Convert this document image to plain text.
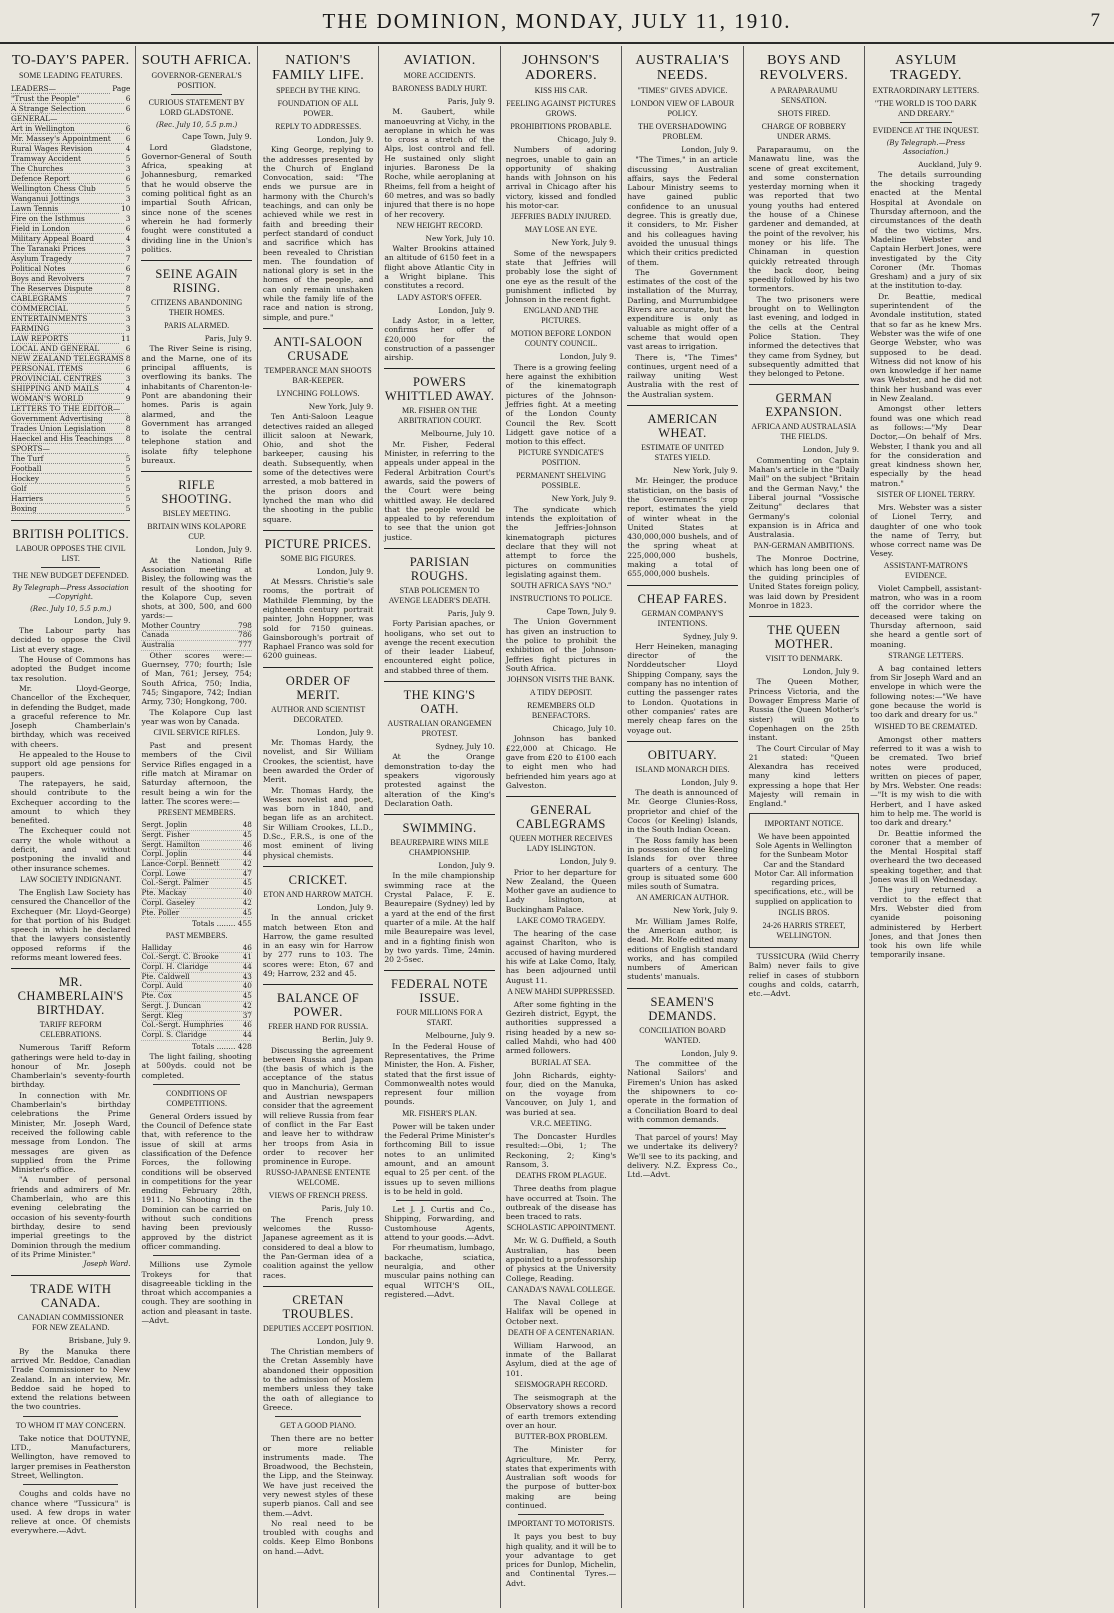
THE DOMINION, MONDAY, JULY 11, 1910.	7
TO-DAY'S PAPER.
SOME LEADING FEATURES.
LEADERS—	Page
"Trust the People"	6
A Strange Selection	6
GENERAL—
Art in Wellington	6
Mr. Massey's Appointment	6
Rural Wages Revision	4
Tramway Accident	5
The Churches	3
Defence Report	6
Wellington Chess Club	5
Wanganui Jottings	3
Lawn Tennis	10
Fire on the Isthmus	3
Field in London	6
Military Appeal Board	4
The Taranaki Prices	3
Asylum Tragedy	7
Political Notes	6
Boys and Revolvers	7
The Reserves Dispute	8
CABLEGRAMS	7
COMMERCIAL	5
ENTERTAINMENTS	3
FARMING	3
LAW REPORTS	11
LOCAL AND GENERAL	6
NEW ZEALAND TELEGRAMS 8
PERSONAL ITEMS	6
PROVINCIAL CENTRES	3
SHIPPING AND MAILS	4
WOMAN'S WORLD	9
LETTERS TO THE EDITOR—
Government Advertising	8
Trades Union Legislation	8
Haeckel and His Teachings	8
SPORTS—
The Turf	5
Football	5
Hockey	5
Golf	5
Harriers	5
Boxing	5
BRITISH POLITICS.
LABOUR OPPOSES THE CIVIL LIST.
THE NEW BUDGET DEFENDED.
By Telegraph—Press Association—Copyright.
(Rec. July 10, 5.5 p.m.)
London, July 9.

The Labour party has decided to oppose the Civil List at every stage.

The House of Commons has adopted the Budget income tax resolution.

Mr. Lloyd-George, Chancellor of the Exchequer, in defending the Budget, made a graceful reference to Mr. Joseph Chamberlain's birthday, which was received with cheers.

He appealed to the House to support old age pensions for paupers.

The ratepayers, he said, should contribute to the Exchequer according to the amount to which they benefited.

The Exchequer could not carry the whole without a deficit, and without postponing the invalid and other insurance schemes.

LAW SOCIETY INDIGNANT.

The English Law Society has censured the Chancellor of the Exchequer (Mr. Lloyd-George) for that portion of his Budget speech in which he declared that the lawyers consistently opposed reforms if the reforms meant lowered fees.

MR. CHAMBERLAIN'S BIRTHDAY.
TARIFF REFORM CELEBRATIONS.

Numerous Tariff Reform gatherings were held to-day in honour of Mr. Joseph Chamberlain's seventy-fourth birthday.

In connection with Mr. Chamberlain's birthday celebrations the Prime Minister, Mr. Joseph Ward, received the following cable message from London. The messages are given as supplied from the Prime Minister's office.

"A number of personal friends and admirers of Mr. Chamberlain, who are this evening celebrating the occasion of his seventy-fourth birthday, desire to send imperial greetings to the Dominion through the medium of its Prime Minister."

Joseph Ward.
TRADE WITH CANADA.
CANADIAN COMMISSIONER FOR NEW ZEALAND.
Brisbane, July 9.

By the Manuka there arrived Mr. Beddoe, Canadian Trade Commissioner to New Zealand. In an interview, Mr. Beddoe said he hoped to extend the relations between the two countries.

TO WHOM IT MAY CONCERN.

Take notice that DOUTYNE, LTD., Manufacturers, Wellington, have removed to larger premises in Featherston Street, Wellington.

Coughs and colds have no chance where "Tussicura" is used. A few drops in water relieve at once. Of chemists everywhere.—Advt.

SOUTH AFRICA.
GOVERNOR-GENERAL'S POSITION.
CURIOUS STATEMENT BY LORD GLADSTONE.
(Rec. July 10, 5.5 p.m.)
Cape Town, July 9.

Lord Gladstone, Governor-General of South Africa, speaking at Johannesburg, remarked that he would observe the coming political fight as an impartial South African, since none of the scenes wherein he had formerly fought were constituted a dividing line in the Union's politics.

SEINE AGAIN RISING.
CITIZENS ABANDONING THEIR HOMES.
PARIS ALARMED.
Paris, July 9.

The River Seine is rising, and the Marne, one of its principal affluents, is overflowing its banks. The inhabitants of Charenton-le-Pont are abandoning their homes. Paris is again alarmed, and the Government has arranged to isolate the central telephone station and isolate fifty telephone bureaux.

RIFLE SHOOTING.
BISLEY MEETING.
BRITAIN WINS KOLAPORE CUP.
London, July 9.

At the National Rifle Association meeting at Bisley, the following was the result of the shooting for the Kolapore Cup, seven shots, at 300, 500, and 600 yards:—

Mother Country	798
Canada	786
Australia	777

Other scores were:—Guernsey, 770; fourth; Isle of Man, 761; Jersey, 754; South Africa, 750; India, 745; Singapore, 742; Indian Army, 730; Hongkong, 700.

The Kolapore Cup last year was won by Canada.

CIVIL SERVICE RIFLES.

Past and present members of the Civil Service Rifles engaged in a rifle match at Miramar on Saturday afternoon, the result being a win for the latter. The scores were:—

PRESENT MEMBERS.
Sergt. Joplin	48
Sergt. Fisher	45
Sergt. Hamilton	46
Corpl. Joplin	44
Lance-Corpl. Bennett	42
Corpl. Lowe	47
Col.-Sergt. Palmer	45
Pte. Mackay	40
Corpl. Gaseley	42
Pte. Poller	45
Totals ........ 455
PAST MEMBERS.
Halliday	46
Col.-Sergt. C. Brooke	41
Corpl. H. Claridge	44
Pte. Caldwell	43
Corpl. Auld	40
Pte. Cox	45
Sergt. J. Duncan	42
Sergt. Kleg	37
Col.-Sergt. Humphries	46
Corpl. S. Claridge	44
Totals ........ 428

The light failing, shooting at 500yds. could not be completed.

CONDITIONS OF COMPETITIONS.

General Orders issued by the Council of Defence state that, with reference to the issue of skill at arms classification of the Defence Forces, the following conditions will be observed in competitions for the year ending February 28th, 1911. No Shooting in the Dominion can be carried on without such conditions having been previously approved by the district officer commanding.

Millions use Zymole Trokeys for that disagreeable tickling in the throat which accompanies a cough. They are soothing in action and pleasant in taste.—Advt.

NATION'S FAMILY LIFE.
SPEECH BY THE KING.
FOUNDATION OF ALL POWER.
REPLY TO ADDRESSES.
London, July 9.

King George, replying to the addresses presented by the Church of England Convocation, said: "The ends we pursue are in harmony with the Church's teachings, and can only be achieved while we rest in faith and breeding their perfect standard of conduct and sacrifice which has been revealed to Christian men. The foundation of national glory is set in the homes of the people, and can only remain unshaken while the family life of the race and nation is strong, simple, and pure."

ANTI-SALOON CRUSADE
TEMPERANCE MAN SHOOTS BAR-KEEPER.
LYNCHING FOLLOWS.
New York, July 9.

Ten Anti-Saloon League detectives raided an alleged illicit saloon at Newark, Ohio, and shot the barkeeper, causing his death. Subsequently, when some of the detectives were arrested, a mob battered in the prison doors and lynched the man who did the shooting in the public square.

PICTURE PRICES.
SOME BIG FIGURES.
London, July 9.

At Messrs. Christie's sale rooms, the portrait of Mathilde Flemming, by the eighteenth century portrait painter, John Hoppner, was sold for 7150 guineas. Gainsborough's portrait of Raphael Franco was sold for 6200 guineas.

ORDER OF MERIT.
AUTHOR AND SCIENTIST DECORATED.
London, July 9.

Mr. Thomas Hardy, the novelist, and Sir William Crookes, the scientist, have been awarded the Order of Merit.

Mr. Thomas Hardy, the Wessex novelist and poet, was born in 1840, and began life as an architect. Sir William Crookes, LL.D., D.Sc., F.R.S., is one of the most eminent of living physical chemists.

CRICKET.
ETON AND HARROW MATCH.
London, July 9.

In the annual cricket match between Eton and Harrow, the game resulted in an easy win for Harrow by 277 runs to 103. The scores were: Eton, 67 and 49; Harrow, 232 and 45.

BALANCE OF POWER.
FREER HAND FOR RUSSIA.
Berlin, July 9.

Discussing the agreement between Russia and Japan (the basis of which is the acceptance of the status quo in Manchuria), German and Austrian newspapers consider that the agreement will relieve Russia from fear of conflict in the Far East and leave her to withdraw her troops from Asia in order to recover her prominence in Europe.

RUSSO-JAPANESE ENTENTE WELCOME.
VIEWS OF FRENCH PRESS.
Paris, July 10.

The French press welcomes the Russo-Japanese agreement as it is considered to deal a blow to the Pan-German idea of a coalition against the yellow races.

CRETAN TROUBLES.
DEPUTIES ACCEPT POSITION.
London, July 9.

The Christian members of the Cretan Assembly have abandoned their opposition to the admission of Moslem members unless they take the oath of allegiance to Greece.

GET A GOOD PIANO.

Then there are no better or more reliable instruments made. The Broadwood, the Bechstein, the Lipp, and the Steinway. We have just received the very newest styles of these superb pianos. Call and see them.—Advt.

No real need to be troubled with coughs and colds. Keep Elmo Bonbons on hand.—Advt.

AVIATION.
MORE ACCIDENTS.
BARONESS BADLY HURT.
Paris, July 9.

M. Gaubert, while manoeuvring at Vichy, in the aeroplane in which he was to cross a stretch of the Alps, lost control and fell. He sustained only slight injuries. Baroness De la Roche, while aeroplaning at Rheims, fell from a height of 60 metres, and was so badly injured that there is no hope of her recovery.

NEW HEIGHT RECORD.
New York, July 10.

Walter Brookins attained an altitude of 6150 feet in a flight above Atlantic City in a Wright biplane. This constitutes a record.

LADY ASTOR'S OFFER.
London, July 9.

Lady Astor, in a letter, confirms her offer of £20,000 for the construction of a passenger airship.

POWERS WHITTLED AWAY.
MR. FISHER ON THE ARBITRATION COURT.
Melbourne, July 10.

Mr. Fisher, Federal Minister, in referring to the appeals under appeal in the Federal Arbitration Court's awards, said the powers of the Court were being whittled away. He declared that the people would be appealed to by referendum to see that the union got justice.

PARISIAN ROUGHS.
STAB POLICEMEN TO AVENGE LEADER'S DEATH.
Paris, July 9.

Forty Parisian apaches, or hooligans, who set out to avenge the recent execution of their leader Liabeuf, encountered eight police, and stabbed three of them.

THE KING'S OATH.
AUSTRALIAN ORANGEMEN PROTEST.
Sydney, July 10.

At the Orange demonstration to-day the speakers vigorously protested against the alteration of the King's Declaration Oath.

SWIMMING.
BEAUREPAIRE WINS MILE CHAMPIONSHIP.
London, July 9.

In the mile championship swimming race at the Crystal Palace, F. E. Beaurepaire (Sydney) led by a yard at the end of the first quarter of a mile. At the half mile Beaurepaire was level, and in a fighting finish won by two yards. Time, 24min. 20 2-5sec.

FEDERAL NOTE ISSUE.
FOUR MILLIONS FOR A START.
Melbourne, July 9.

In the Federal House of Representatives, the Prime Minister, the Hon. A. Fisher, stated that the first issue of Commonwealth notes would represent four million pounds.

MR. FISHER'S PLAN.

Power will be taken under the Federal Prime Minister's forthcoming Bill to issue notes to an unlimited amount, and an amount equal to 25 per cent. of the issues up to seven millions is to be held in gold.

Let J. J. Curtis and Co., Shipping, Forwarding, and Customhouse Agents, attend to your goods.—Advt.

For rheumatism, lumbago, backache, sciatica, neuralgia, and other muscular pains nothing can equal WITCH'S OIL, registered.—Advt.

JOHNSON'S ADORERS.
KISS HIS CAR.
FEELING AGAINST PICTURES GROWS.
PROHIBITIONS PROBABLE.
Chicago, July 9.

Numbers of adoring negroes, unable to gain an opportunity of shaking hands with Johnson on his arrival in Chicago after his victory, kissed and fondled his motor-car.

JEFFRIES BADLY INJURED.
MAY LOSE AN EYE.
New York, July 9.

Some of the newspapers state that Jeffries will probably lose the sight of one eye as the result of the punishment inflicted by Johnson in the recent fight.

ENGLAND AND THE PICTURES.
MOTION BEFORE LONDON COUNTY COUNCIL.
London, July 9.

There is a growing feeling here against the exhibition of the kinematograph pictures of the Johnson-Jeffries fight. At a meeting of the London County Council the Rev. Scott Lidgett gave notice of a motion to this effect.

PICTURE SYNDICATE'S POSITION.
PERMANENT SHELVING POSSIBLE.
New York, July 9.

The syndicate which intends the exploitation of the Jeffries-Johnson kinematograph pictures declare that they will not attempt to force the pictures on communities legislating against them.

SOUTH AFRICA SAYS "NO."
INSTRUCTIONS TO POLICE.
Cape Town, July 9.

The Union Government has given an instruction to the police to prohibit the exhibition of the Johnson-Jeffries fight pictures in South Africa.

JOHNSON VISITS THE BANK.
A TIDY DEPOSIT.
REMEMBERS OLD BENEFACTORS.
Chicago, July 10.

Johnson has banked £22,000 at Chicago. He gave from £20 to £100 each to eight men who had befriended him years ago at Galveston.

GENERAL CABLEGRAMS
QUEEN MOTHER RECEIVES LADY ISLINGTON.
London, July 9.

Prior to her departure for New Zealand, the Queen Mother gave an audience to Lady Islington, at Buckingham Palace.

LAKE COMO TRAGEDY.

The hearing of the case against Charlton, who is accused of having murdered his wife at Lake Como, Italy, has been adjourned until August 11.

A NEW MAHDI SUPPRESSED.

After some fighting in the Gezireh district, Egypt, the authorities suppressed a rising headed by a new so-called Mahdi, who had 400 armed followers.

BURIAL AT SEA.

John Richards, eighty-four, died on the Manuka, on the voyage from Vancouver, on July 1, and was buried at sea.

V.R.C. MEETING.

The Doncaster Hurdles resulted:—Obi, 1; The Reckoning, 2; King's Ransom, 3.

DEATHS FROM PLAGUE.

Three deaths from plague have occurred at Tsoin. The outbreak of the disease has been traced to rats.

SCHOLASTIC APPOINTMENT.

Mr. W. G. Duffield, a South Australian, has been appointed to a professorship of physics at the University College, Reading.

CANADA'S NAVAL COLLEGE.

The Naval College at Halifax will be opened in October next.

DEATH OF A CENTENARIAN.

William Harwood, an inmate of the Ballarat Asylum, died at the age of 101.

SEISMOGRAPH RECORD.

The seismograph at the Observatory shows a record of earth tremors extending over an hour.

BUTTER-BOX PROBLEM.

The Minister for Agriculture, Mr. Perry, states that experiments with Australian soft woods for the purpose of butter-box making are being continued.

IMPORTANT TO MOTORISTS.

It pays you best to buy high quality, and it will be to your advantage to get prices for Dunlop, Michelin, and Continental Tyres.—Advt.

AUSTRALIA'S NEEDS.
"TIMES" GIVES ADVICE.
LONDON VIEW OF LABOUR POLICY.
THE OVERSHADOWING PROBLEM.
London, July 9.

"The Times," in an article discussing Australian affairs, says the Federal Labour Ministry seems to have gained public confidence to an unusual degree. This is greatly due, it considers, to Mr. Fisher and his colleagues having avoided the unusual things which their critics predicted of them.

The Government estimates of the cost of the installation of the Murray, Darling, and Murrumbidgee Rivers are accurate, but the expenditure is only as valuable as might offer of a scheme that would open vast areas to irrigation.

There is, "The Times" continues, urgent need of a railway uniting West Australia with the rest of the Australian system.

AMERICAN WHEAT.
ESTIMATE OF UNITED STATES YIELD.
New York, July 9.

Mr. Heinger, the produce statistician, on the basis of the Government's crop report, estimates the yield of winter wheat in the United States at 430,000,000 bushels, and of the spring wheat at 225,000,000 bushels, making a total of 655,000,000 bushels.

CHEAP FARES.
GERMAN COMPANY'S INTENTIONS.
Sydney, July 9.

Herr Heineken, managing director of the Norddeutscher Lloyd Shipping Company, says the company has no intention of cutting the passenger rates to London. Quotations in other companies' rates are merely cheap fares on the voyage out.

OBITUARY.
ISLAND MONARCH DIES.
London, July 9.

The death is announced of Mr. George Clunies-Ross, proprietor and chief of the Cocos (or Keeling) Islands, in the South Indian Ocean.

The Ross family has been in possession of the Keeling Islands for over three quarters of a century. The group is situated some 600 miles south of Sumatra.

AN AMERICAN AUTHOR.
New York, July 9.

Mr. William James Rolfe, the American author, is dead. Mr. Rolfe edited many editions of English standard works, and has compiled numbers of American students' manuals.

SEAMEN'S DEMANDS.
CONCILIATION BOARD WANTED.
London, July 9.

The committee of the National Sailors' and Firemen's Union has asked the shipowners to co-operate in the formation of a Conciliation Board to deal with common demands.

That parcel of yours! May we undertake its delivery? We'll see to its packing, and delivery. N.Z. Express Co., Ltd.—Advt.

BOYS AND REVOLVERS.
A PARAPARAUMU SENSATION.
SHOTS FIRED.
CHARGE OF ROBBERY UNDER ARMS.

Paraparaumu, on the Manawatu line, was the scene of great excitement, and some consternation yesterday morning when it was reported that two young youths had entered the house of a Chinese gardener and demanded, at the point of the revolver, his money or his life. The Chinaman in question quickly retreated through the back door, being speedily followed by his two tormentors.

The two prisoners were brought on to Wellington last evening, and lodged in the cells at the Central Police Station. They informed the detectives that they came from Sydney, but subsequently admitted that they belonged to Petone.

GERMAN EXPANSION.
AFRICA AND AUSTRALASIA THE FIELDS.
London, July 9.

Commenting on Captain Mahan's article in the "Daily Mail" on the subject "Britain and the German Navy," the Liberal journal "Vossische Zeitung" declares that Germany's colonial expansion is in Africa and Australasia.

PAN-GERMAN AMBITIONS.

The Monroe Doctrine, which has long been one of the guiding principles of United States foreign policy, was laid down by President Monroe in 1823.

THE QUEEN MOTHER.
VISIT TO DENMARK.
London, July 9.

The Queen Mother, Princess Victoria, and the Dowager Empress Marie of Russia (the Queen Mother's sister) will go to Copenhagen on the 25th instant.

The Court Circular of May 21 stated: "Queen Alexandra has received many kind letters expressing a hope that Her Majesty will remain in England."

IMPORTANT NOTICE.

We have been appointed Sole Agents in Wellington for the Sunbeam Motor Car and the Standard Motor Car. All information regarding prices, specifications, etc., will be supplied on application to

INGLIS BROS.
24-26 HARRIS STREET, WELLINGTON.

TUSSICURA (Wild Cherry Balm) never fails to give relief in cases of stubborn coughs and colds, catarrh, etc.—Advt.

ASYLUM TRAGEDY.
EXTRAORDINARY LETTERS.
"THE WORLD IS TOO DARK AND DREARY."
EVIDENCE AT THE INQUEST.
(By Telegraph.—Press Association.)
Auckland, July 9.

The details surrounding the shocking tragedy enacted at the Mental Hospital at Avondale on Thursday afternoon, and the circumstances of the death of the two victims, Mrs. Madeline Webster and Captain Herbert Jones, were investigated by the City Coroner (Mr. Thomas Gresham) and a jury of six at the institution to-day.

Dr. Beattie, medical superintendent of the Avondale institution, stated that so far as he knew Mrs. Webster was the wife of one George Webster, who was supposed to be dead. Witness did not know of his own knowledge if her name was Webster, and he did not think her husband was ever in New Zealand.

Amongst other letters found was one which read as follows:—"My Dear Doctor,—On behalf of Mrs. Webster, I thank you and all for the consideration and great kindness shown her, especially by the head matron."

SISTER OF LIONEL TERRY.

Mrs. Webster was a sister of Lionel Terry, and daughter of one who took the name of Terry, but whose correct name was De Vesey.

ASSISTANT-MATRON'S EVIDENCE.

Violet Campbell, assistant-matron, who was in a room off the corridor where the deceased were taking on Thursday afternoon, said she heard a gentle sort of moaning.

STRANGE LETTERS.

A bag contained letters from Sir Joseph Ward and an envelope in which were the following notes:—"We have gone because the world is too dark and dreary for us."

WISHED TO BE CREMATED.

Amongst other matters referred to it was a wish to be cremated. Two brief notes were produced, written on pieces of paper, by Mrs. Webster. One reads:—"It is my wish to die with Herbert, and I have asked him to help me. The world is too dark and dreary."

Dr. Beattie informed the coroner that a member of the Mental Hospital staff overheard the two deceased speaking together, and that Jones was ill on Wednesday.

The jury returned a verdict to the effect that Mrs. Webster died from cyanide poisoning administered by Herbert Jones, and that Jones then took his own life while temporarily insane.
